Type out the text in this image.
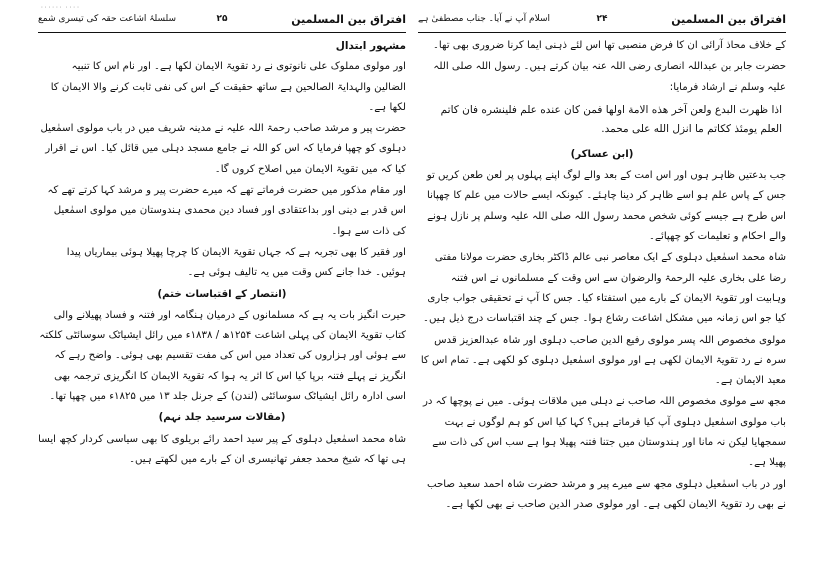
۰۰۰۰۰۰ ۰۰۰۰
افتراق بين المسلمين
۲۵
سلسلۂ اشاعت حقہ کی تیسری شمع

مشہور ابتدال

اور مولوی مملوک علی نانوتوی نے رد تقویۃ الایمان لکھا ہے۔ اور نام اس کا تنبیہ الضالین والہدایۃ الصالحین ہے ساتھ حقیقت کے اس کی نفی ثابت کرنے والا الایمان کا لکھا ہے۔

حضرت پیر و مرشد صاحب رحمۃ اللہ علیہ نے مدینہ شریف میں در باب مولوی اسمٰعیل دہلوی کو چھپا فرمایا کہ اس کو اللہ نے جامع مسجد دہلی میں قائل کیا۔ اس نے اقرار کیا کہ میں تقویۃ الایمان میں اصلاح کروں گا۔

اور مقام مذکور میں حضرت فرماتے تھے کہ میرے حضرت پیر و مرشد کہا کرتے تھے کہ اس قدر بے دینی اور بداعتقادی اور فساد دین محمدی ہندوستان میں مولوی اسمٰعیل کی ذات سے ہوا۔

اور فقیر کا بھی تجربہ ہے کہ جہاں تقویۃ الایمان کا چرچا پھیلا ہوئی بیماریاں پیدا ہوئیں۔ خدا جانے کس وقت میں یہ تالیف ہوئی ہے۔

(انتصار کے اقتباسات ختم)

حیرت انگیز بات یہ ہے کہ مسلمانوں کے درمیان ہنگامہ اور فتنہ و فساد پھیلانے والی کتاب تقویۃ الایمان کی پہلی اشاعت ۱۲۵۴ھ / ۱۸۳۸ء میں رائل ایشیاٹک سوسائٹی کلکتہ سے ہوئی اور ہزاروں کی تعداد میں اس کی مفت تقسیم بھی ہوئی۔ واضح رہے کہ انگریز نے پہلے فتنہ برپا کیا اس کا اثر یہ ہوا کہ تقویۃ الایمان کا انگریزی ترجمہ بھی اسی ادارہ رائل ایشیاٹک سوسائٹی (لندن) کے جرنل جلد ۱۳ میں ۱۸۲۵ء میں چھپا تھا۔

(مقالات سرسید جلد نہم)

شاہ محمد اسمٰعیل دہلوی کے پیر سید احمد رائے بریلوی کا بھی سیاسی کردار کچھ ایسا ہی تھا کہ شیخ محمد جعفر تھانیسری ان کے بارے میں لکھتے ہیں۔

افتراق بين المسلمين
۲۴
اسلام آپ نے آیا۔ جناب مصطفیٰ ہے

کے خلاف محاذ آرائی ان کا فرض منصبی تھا اس لئے ذہنی ایما کرنا ضروری بھی تھا۔

حضرت جابر بن عبداللہ انصاری رضی اللہ عنہ بیان کرتے ہیں۔ رسول اللہ صلی اللہ علیہ وسلم نے ارشاد فرمایا:

اذا ظهرت البدع ولعن آخر هذه الامة اولها فمن كان عنده علم فلينشره فان كاتم العلم يومئذ ككاتم ما انزل الله على محمد.

(ابن عساکر)

جب بدعتیں ظاہر ہوں اور اس امت کے بعد والے لوگ اپنے پہلوں پر لعن طعن کریں تو جس کے پاس علم ہو اسے ظاہر کر دینا چاہئے۔ کیونکہ ایسے حالات میں علم کا چھپانا اس طرح ہے جیسے کوئی شخص محمد رسول اللہ صلی اللہ علیہ وسلم پر نازل ہونے والے احکام و تعلیمات کو چھپائے۔

شاہ محمد اسمٰعیل دہلوی کے ایک معاصر نبی عالم ڈاکٹر بخاری حضرت مولانا مفتی رضا علی بخاری علیہ الرحمۃ والرضوان سے اس وقت کے مسلمانوں نے اس فتنہ وہابیت اور تقویۃ الایمان کے بارے میں استفتاء کیا۔ جس کا آپ نے تحقیقی جواب جاری کیا جو اس زمانہ میں مشکل اشاعت رشاع ہوا۔ جس کے چند اقتباسات درج ذیل ہیں۔

مولوی مخصوص اللہ پسر مولوی رفیع الدین صاحب دہلوی اور شاہ عبدالعزیز قدس سرہ نے رد تقویۃ الایمان لکھی ہے اور مولوی اسمٰعیل دہلوی کو لکھی ہے۔ تمام اس کا معید الایمان ہے۔

مجھ سے مولوی مخصوص اللہ صاحب نے دہلی میں ملاقات ہوئی۔ میں نے پوچھا کہ در باب مولوی اسمٰعیل دہلوی آپ کیا فرماتے ہیں؟ کہا کیا اس کو ہم لوگوں نے بہت سمجھایا لیکن نہ مانا اور ہندوستان میں جتنا فتنہ پھیلا ہوا ہے سب اس کی ذات سے پھیلا ہے۔

اور در باب اسمٰعیل دہلوی مجھ سے میرے پیر و مرشد حضرت شاہ احمد سعید صاحب نے بھی رد تقویۃ الایمان لکھی ہے۔ اور مولوی صدر الدین صاحب نے بھی لکھا ہے۔
